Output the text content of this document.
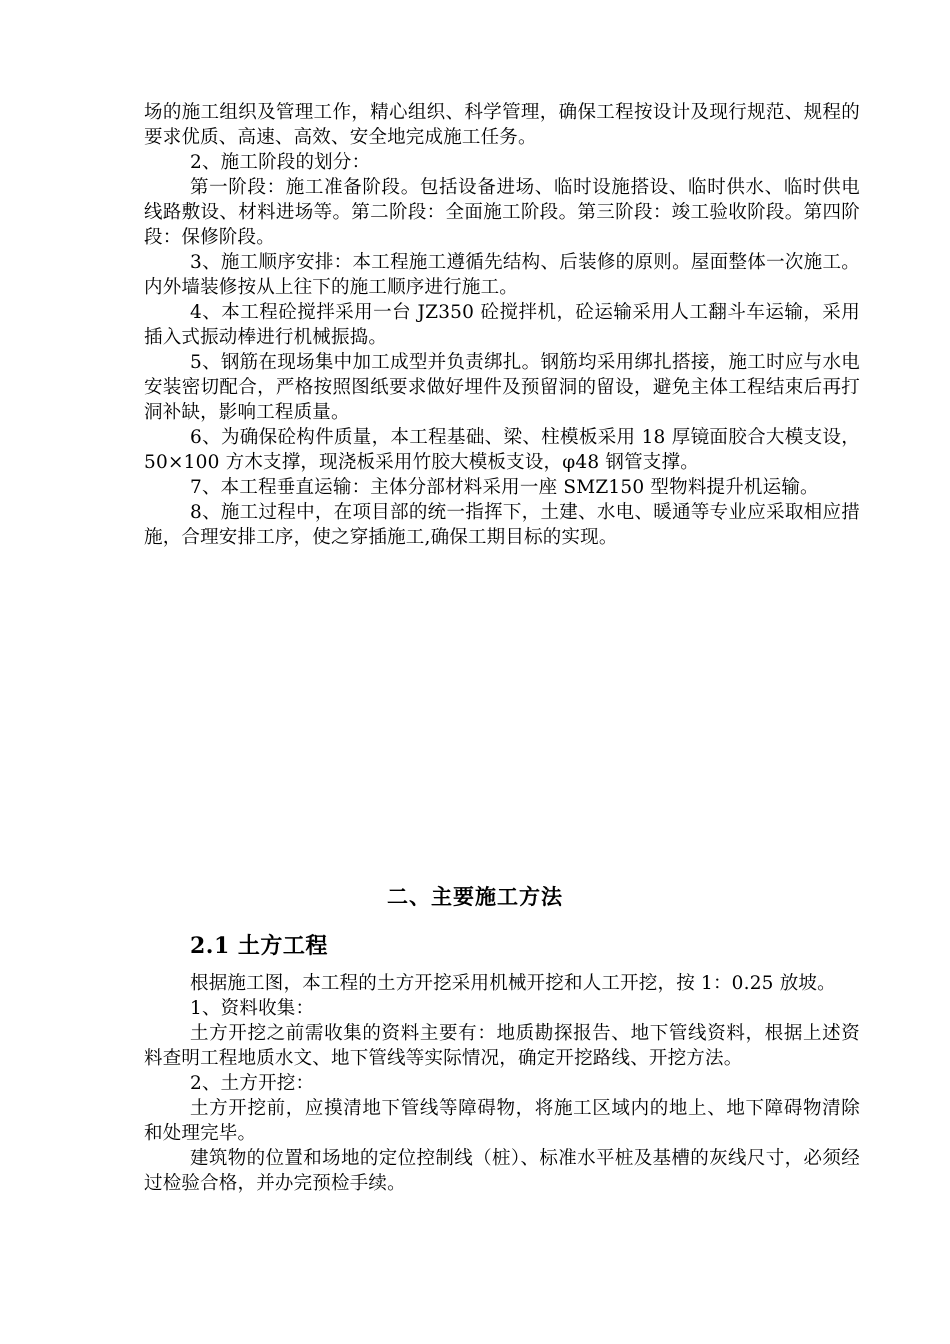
场的施工组织及管理工作，精心组织、科学管理，确保工程按设计及现行规范、规程的要求优质、高速、高效、安全地完成施工任务。

2、施工阶段的划分：

第一阶段：施工准备阶段。包括设备进场、临时设施搭设、临时供水、临时供电线路敷设、材料进场等。第二阶段：全面施工阶段。第三阶段：竣工验收阶段。第四阶段：保修阶段。

3、施工顺序安排：本工程施工遵循先结构、后装修的原则。屋面整体一次施工。内外墙装修按从上往下的施工顺序进行施工。

4、本工程砼搅拌采用一台 JZ350 砼搅拌机，砼运输采用人工翻斗车运输，采用插入式振动棒进行机械振捣。

5、钢筋在现场集中加工成型并负责绑扎。钢筋均采用绑扎搭接，施工时应与水电安装密切配合，严格按照图纸要求做好埋件及预留洞的留设，避免主体工程结束后再打洞补缺，影响工程质量。

6、为确保砼构件质量，本工程基础、梁、柱模板采用 18 厚镜面胶合大模支设，50×100 方木支撑，现浇板采用竹胶大模板支设，φ48 钢管支撑。

7、本工程垂直运输：主体分部材料采用一座 SMZ150 型物料提升机运输。

8、施工过程中，在项目部的统一指挥下，土建、水电、暖通等专业应采取相应措施，合理安排工序，使之穿插施工,确保工期目标的实现。

二、主要施工方法
2.1 土方工程

根据施工图，本工程的土方开挖采用机械开挖和人工开挖，按 1：0.25 放坡。

1、资料收集：

土方开挖之前需收集的资料主要有：地质勘探报告、地下管线资料，根据上述资料查明工程地质水文、地下管线等实际情况，确定开挖路线、开挖方法。

2、土方开挖：

土方开挖前，应摸清地下管线等障碍物，将施工区域内的地上、地下障碍物清除和处理完毕。

建筑物的位置和场地的定位控制线（桩）、标准水平桩及基槽的灰线尺寸，必须经过检验合格，并办完预检手续。
